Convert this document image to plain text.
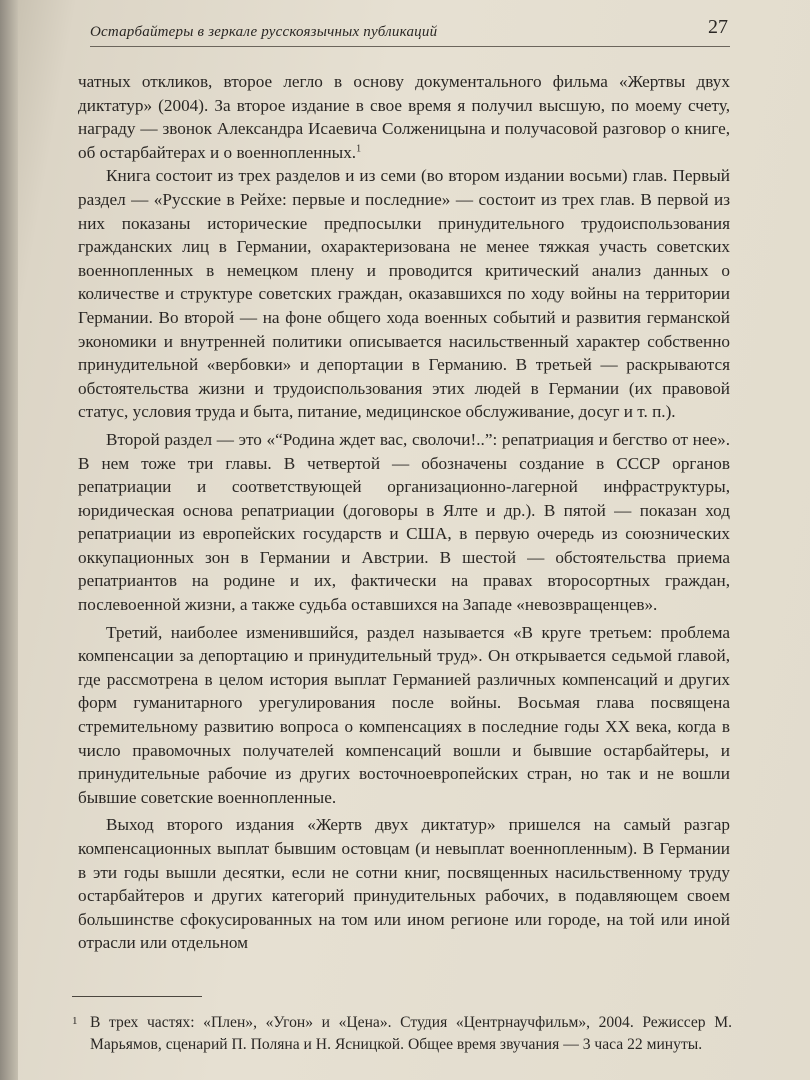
Остарбайтеры в зеркале русскоязычных публикаций	27

чатных откликов, второе легло в основу документального фильма «Жертвы двух диктатур» (2004). За второе издание в свое время я получил высшую, по моему счету, награду — звонок Александра Исаевича Солженицына и получасовой разговор о книге, об остарбайтерах и о военнопленных.$^1$

Книга состоит из трех разделов и из семи (во втором издании восьми) глав. Первый раздел — «Русские в Рейхе: первые и последние» — состоит из трех глав. В первой из них показаны исторические предпосылки принудительного трудоиспользования гражданских лиц в Германии, охарактеризована не менее тяжкая участь советских военнопленных в немецком плену и проводится критический анализ данных о количестве и структуре советских граждан, оказавшихся по ходу войны на территории Германии. Во второй — на фоне общего хода военных событий и развития германской экономики и внутренней политики описывается насильственный характер собственно принудительной «вербовки» и депортации в Германию. В третьей — раскрываются обстоятельства жизни и трудоиспользования этих людей в Германии (их правовой статус, условия труда и быта, питание, медицинское обслуживание, досуг и т. п.).

Второй раздел — это «“Родина ждет вас, сволочи!..”: репатриация и бегство от нее». В нем тоже три главы. В четвертой — обозначены создание в СССР органов репатриации и соответствующей организационно-лагерной инфраструктуры, юридическая основа репатриации (договоры в Ялте и др.). В пятой — показан ход репатриации из европейских государств и США, в первую очередь из союзнических оккупационных зон в Германии и Австрии. В шестой — обстоятельства приема репатриантов на родине и их, фактически на правах второсортных граждан, послевоенной жизни, а также судьба оставшихся на Западе «невозвращенцев».

Третий, наиболее изменившийся, раздел называется «В круге третьем: проблема компенсации за депортацию и принудительный труд». Он открывается седьмой главой, где рассмотрена в целом история выплат Германией различных компенсаций и других форм гуманитарного урегулирования после войны. Восьмая глава посвящена стремительному развитию вопроса о компенсациях в последние годы XX века, когда в число правомочных получателей компенсаций вошли и бывшие остарбайтеры, и принудительные рабочие из других восточноевропейских стран, но так и не вошли бывшие советские военнопленные.

Выход второго издания «Жертв двух диктатур» пришелся на самый разгар компенсационных выплат бывшим остовцам (и невыплат военнопленным). В Германии в эти годы вышли десятки, если не сотни книг, посвященных насильственному труду остарбайтеров и других категорий принудительных рабочих, в подавляющем своем большинстве сфокусированных на том или ином регионе или городе, на той или иной отрасли или отдельном

1 В трех частях: «Плен», «Угон» и «Цена». Студия «Центрнаучфильм», 2004. Режиссер М. Марьямов, сценарий П. Поляна и Н. Ясницкой. Общее время звучания — 3 часа 22 минуты.
